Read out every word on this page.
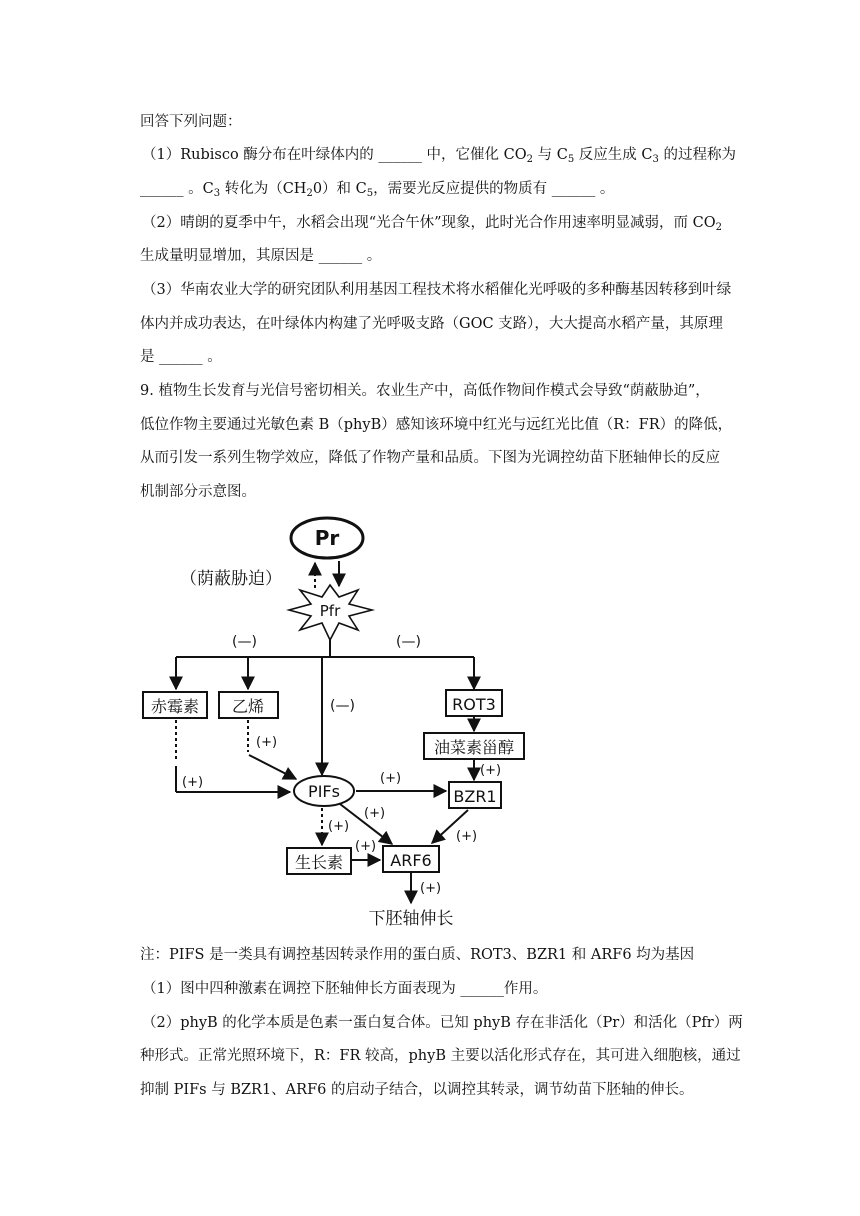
回答下列问题：
（1）Rubisco 酶分布在叶绿体内的 ______ 中，它催化 $CO_2$ 与 $C_5$ 反应生成 $C_3$ 的过程称为
______ 。$C_3$ 转化为$(CH_20)$和 $C_5$，需要光反应提供的物质有 ______ 。
（2）晴朗的夏季中午，水稻会出现“光合午休”现象，此时光合作用速率明显减弱，而 $CO_2$
生成量明显增加，其原因是 ______ 。
（3）华南农业大学的研究团队利用基因工程技术将水稻催化光呼吸的多种酶基因转移到叶绿
体内并成功表达，在叶绿体内构建了光呼吸支路（GOC 支路），大大提高水稻产量，其原理
是 ______ 。
9. 植物生长发育与光信号密切相关。农业生产中，高低作物间作模式会导致“荫蔽胁迫”，
低位作物主要通过光敏色素 B（phyB）感知该环境中红光与远红光比值（R：FR）的降低，
从而引发一系列生物学效应，降低了作物产量和品质。下图为光调控幼苗下胚轴伸长的反应
机制部分示意图。
Pr
（荫蔽胁迫）
Pfr
(—)	(—)
(—)
赤霉素 乙烯	ROT3
油菜素甾醇
(+)
(+)
(+)	PIFs
(+)
BZR1
(+)
(+)
(+)
(+)
生长素	ARF6
(+)
下胚轴伸长
注：PIFS 是一类具有调控基因转录作用的蛋白质、ROT3、BZR1 和 ARF6 均为基因
（1）图中四种激素在调控下胚轴伸长方面表现为 ______作用。
（2）phyB 的化学本质是色素一蛋白复合体。已知 phyB 存在非活化（Pr）和活化（Pfr）两
种形式。正常光照环境下，R：FR 较高，phyB 主要以活化形式存在，其可进入细胞核，通过
抑制 PIFs 与 BZR1、ARF6 的启动子结合，以调控其转录，调节幼苗下胚轴的伸长。
